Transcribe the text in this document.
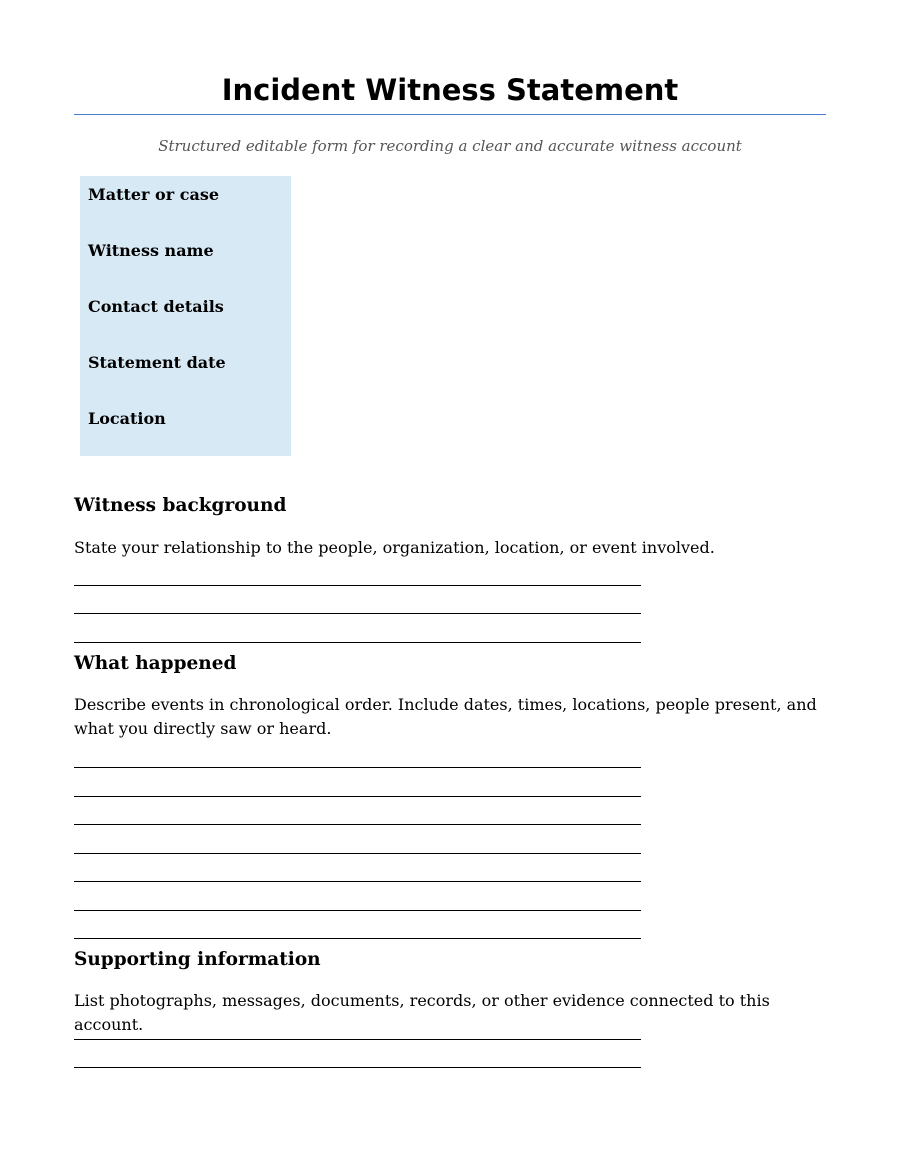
Incident Witness Statement
Structured editable form for recording a clear and accurate witness account
Matter or case
Witness name
Contact details
Statement date
Location
Witness background
State your relationship to the people, organization, location, or event involved.
What happened
Describe events in chronological order. Include dates, times, locations, people present, and what you directly saw or heard.
Supporting information
List photographs, messages, documents, records, or other evidence connected to this account.
